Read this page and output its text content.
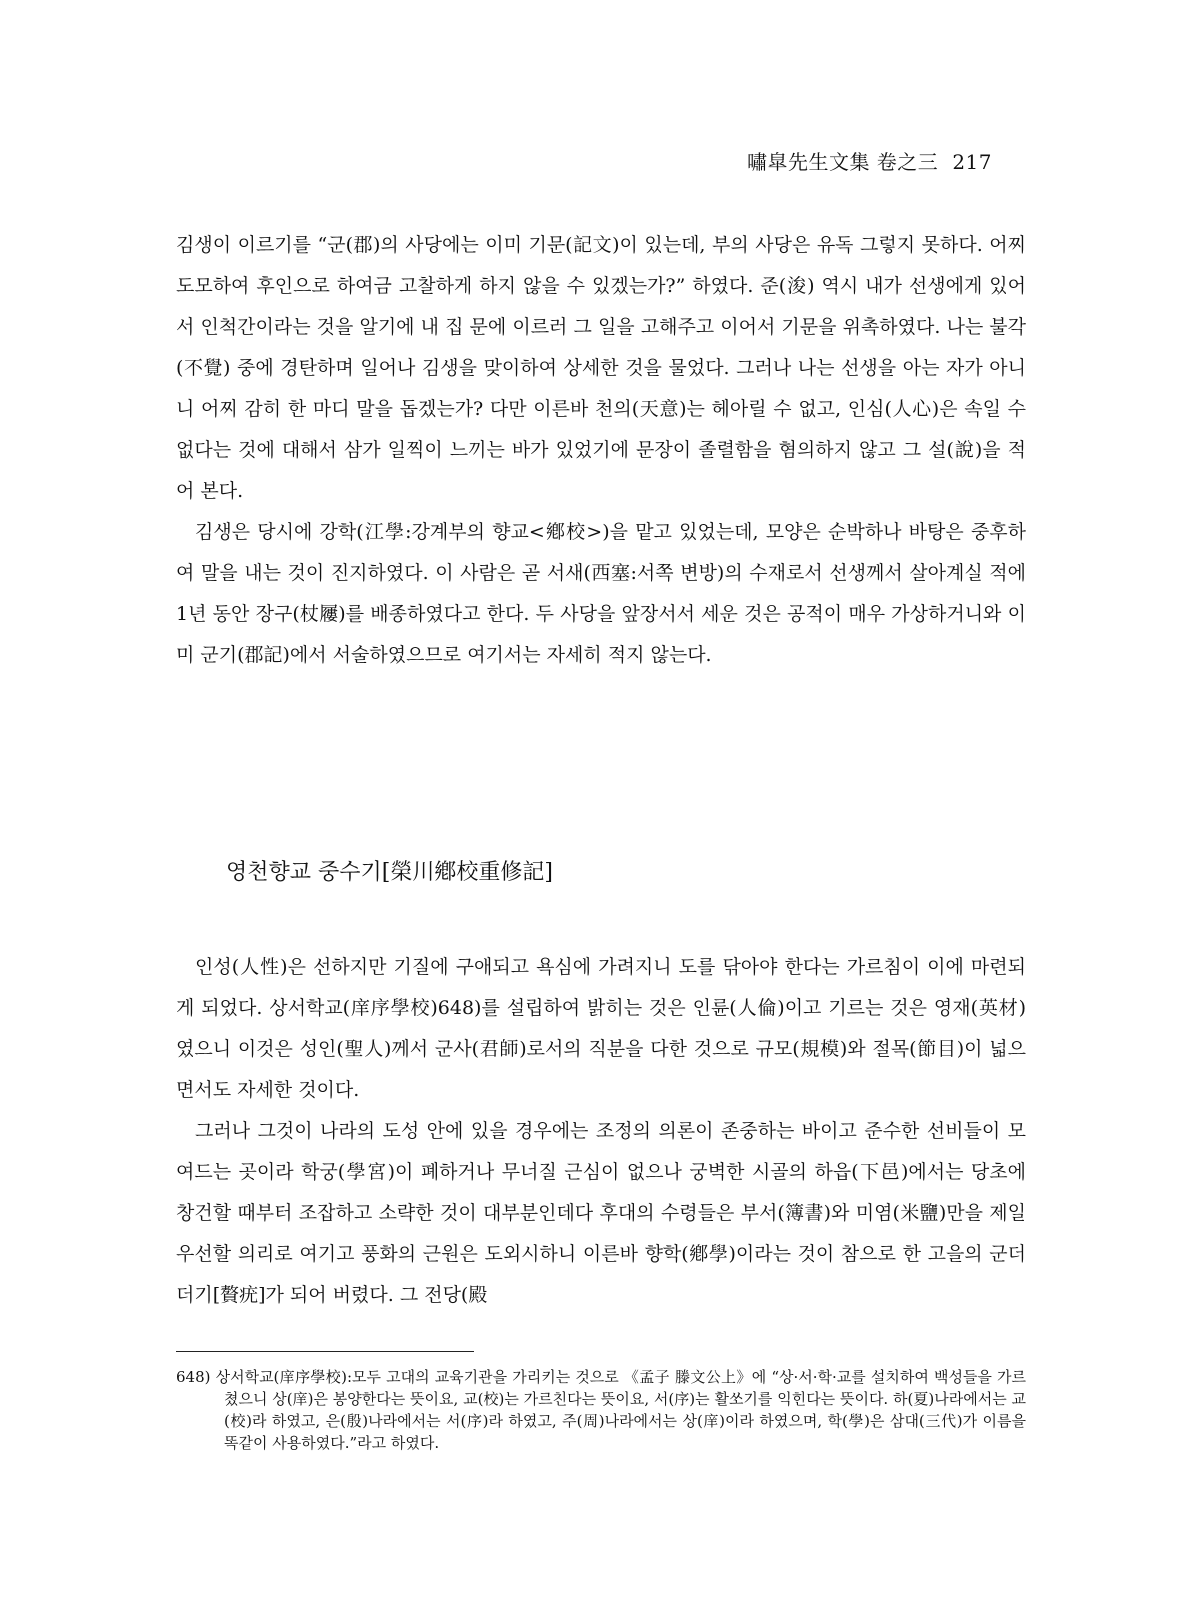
嘯皐先生文集 卷之三 217

김생이 이르기를 “군(郡)의 사당에는 이미 기문(記文)이 있는데, 부의 사당은 유독 그렇지 못하다. 어찌 도모하여 후인으로 하여금 고찰하게 하지 않을 수 있겠는가?” 하였다. 준(浚) 역시 내가 선생에게 있어서 인척간이라는 것을 알기에 내 집 문에 이르러 그 일을 고해주고 이어서 기문을 위촉하였다. 나는 불각(不覺) 중에 경탄하며 일어나 김생을 맞이하여 상세한 것을 물었다. 그러나 나는 선생을 아는 자가 아니니 어찌 감히 한 마디 말을 돕겠는가? 다만 이른바 천의(天意)는 헤아릴 수 없고, 인심(人心)은 속일 수 없다는 것에 대해서 삼가 일찍이 느끼는 바가 있었기에 문장이 졸렬함을 혐의하지 않고 그 설(說)을 적어 본다.

김생은 당시에 강학(江學:강계부의 향교<鄕校>)을 맡고 있었는데, 모양은 순박하나 바탕은 중후하여 말을 내는 것이 진지하였다. 이 사람은 곧 서새(西塞:서쪽 변방)의 수재로서 선생께서 살아계실 적에 1년 동안 장구(杖屨)를 배종하였다고 한다. 두 사당을 앞장서서 세운 것은 공적이 매우 가상하거니와 이미 군기(郡記)에서 서술하였으므로 여기서는 자세히 적지 않는다.

영천향교 중수기[榮川鄕校重修記]

인성(人性)은 선하지만 기질에 구애되고 욕심에 가려지니 도를 닦아야 한다는 가르침이 이에 마련되게 되었다. 상서학교(庠序學校)648)를 설립하여 밝히는 것은 인륜(人倫)이고 기르는 것은 영재(英材)였으니 이것은 성인(聖人)께서 군사(君師)로서의 직분을 다한 것으로 규모(規模)와 절목(節目)이 넓으면서도 자세한 것이다.

그러나 그것이 나라의 도성 안에 있을 경우에는 조정의 의론이 존중하는 바이고 준수한 선비들이 모여드는 곳이라 학궁(學宮)이 폐하거나 무너질 근심이 없으나 궁벽한 시골의 하읍(下邑)에서는 당초에 창건할 때부터 조잡하고 소략한 것이 대부분인데다 후대의 수령들은 부서(簿書)와 미염(米鹽)만을 제일 우선할 의리로 여기고 풍화의 근원은 도외시하니 이른바 향학(鄕學)이라는 것이 참으로 한 고을의 군더더기[贅疣]가 되어 버렸다. 그 전당(殿

648) 상서학교(庠序學校):모두 고대의 교육기관을 가리키는 것으로 《孟子 滕文公上》에 “상·서·학·교를 설치하여 백성들을 가르쳤으니 상(庠)은 봉양한다는 뜻이요, 교(校)는 가르친다는 뜻이요, 서(序)는 활쏘기를 익힌다는 뜻이다. 하(夏)나라에서는 교(校)라 하였고, 은(殷)나라에서는 서(序)라 하였고, 주(周)나라에서는 상(庠)이라 하였으며, 학(學)은 삼대(三代)가 이름을 똑같이 사용하였다.”라고 하였다.
